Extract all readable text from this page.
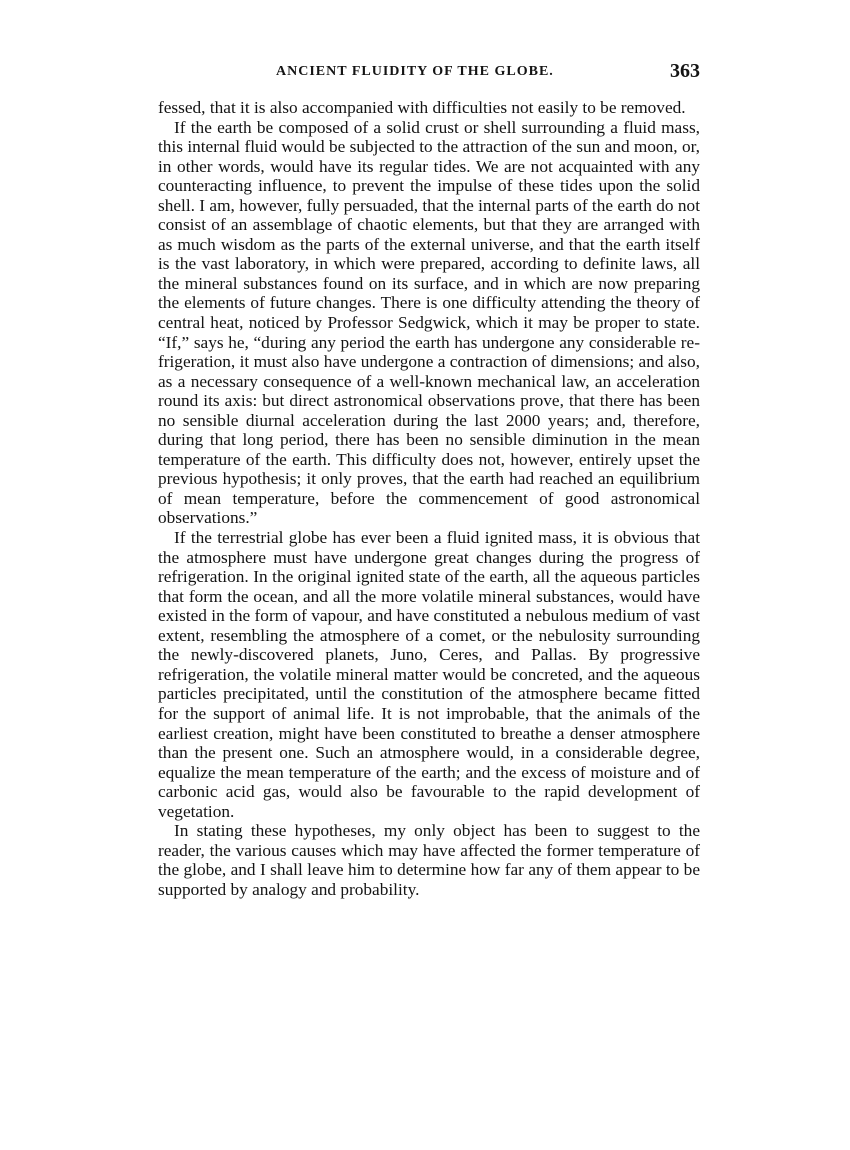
ANCIENT FLUIDITY OF THE GLOBE.	363

fessed, that it is also accompanied with difficulties not easily to be removed.

If the earth be composed of a solid crust or shell surrounding a fluid mass, this internal fluid would be subjected to the attraction of the sun and moon, or, in other words, would have its regular tides. We are not acquainted with any counteracting influence, to prevent the impulse of these tides upon the solid shell. I am, however, fully persuaded, that the internal parts of the earth do not consist of an assemblage of chaotic elements, but that they are arranged with as much wisdom as the parts of the external universe, and that the earth itself is the vast laboratory, in which were prepared, according to definite laws, all the mineral substances found on its surface, and in which are now preparing the elements of future changes. There is one difficulty attending the theory of central heat, noticed by Professor Sedgwick, which it may be proper to state. “If,” says he, “during any period the earth has undergone any considerable refrigeration, it must also have undergone a contraction of dimensions; and also, as a necessary consequence of a well-known mechanical law, an acceleration round its axis: but direct astronomical observations prove, that there has been no sensible diurnal acceleration during the last 2000 years; and, therefore, during that long period, there has been no sensible diminution in the mean temperature of the earth. This difficulty does not, however, entirely upset the previous hypothesis; it only proves, that the earth had reached an equilibrium of mean temperature, before the commencement of good astronomical observations.”

If the terrestrial globe has ever been a fluid ignited mass, it is obvious that the atmosphere must have undergone great changes during the progress of refrigeration. In the original ignited state of the earth, all the aqueous particles that form the ocean, and all the more volatile mineral substances, would have existed in the form of vapour, and have constituted a nebulous medium of vast extent, resembling the atmosphere of a comet, or the nebulosity surrounding the newly-discovered planets, Juno, Ceres, and Pallas. By progressive refrigeration, the volatile mineral matter would be concreted, and the aqueous particles precipitated, until the constitution of the atmosphere became fitted for the support of animal life. It is not improbable, that the animals of the earliest creation, might have been constituted to breathe a denser atmosphere than the present one. Such an atmosphere would, in a considerable degree, equalize the mean temperature of the earth; and the excess of moisture and of carbonic acid gas, would also be favourable to the rapid development of vegetation.

In stating these hypotheses, my only object has been to suggest to the reader, the various causes which may have affected the former temperature of the globe, and I shall leave him to determine how far any of them appear to be supported by analogy and probability.
